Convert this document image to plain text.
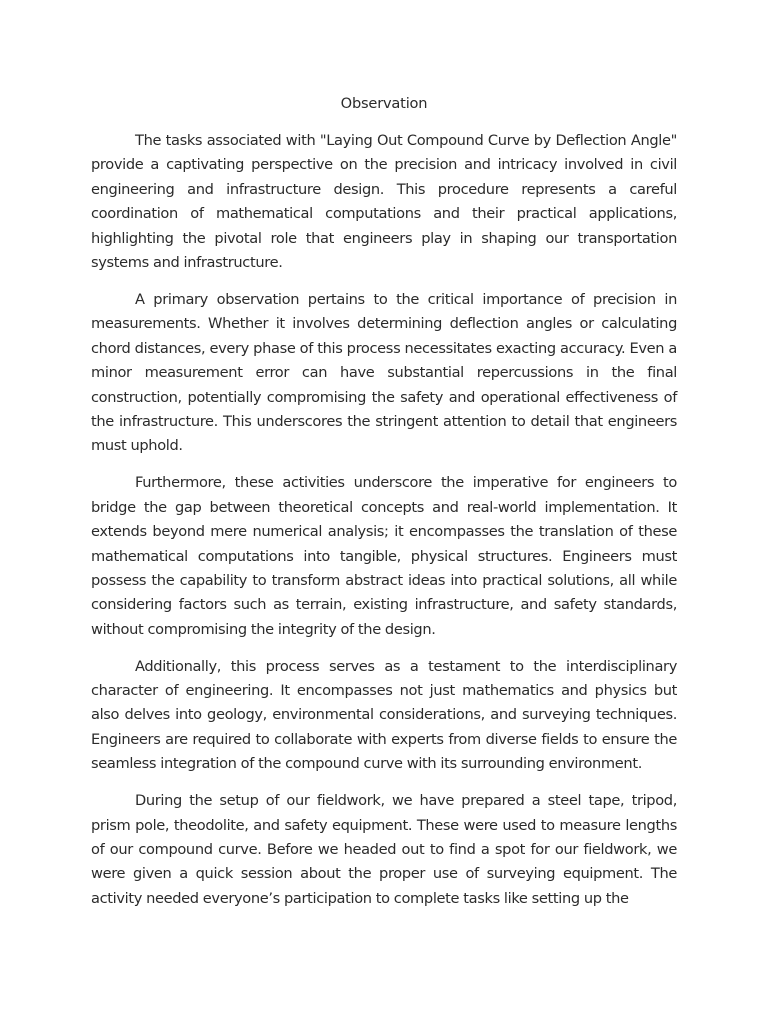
Observation

The tasks associated with "Laying Out Compound Curve by Deflection Angle" provide a captivating perspective on the precision and intricacy involved in civil engineering and infrastructure design. This procedure represents a careful coordination of mathematical computations and their practical applications, highlighting the pivotal role that engineers play in shaping our transportation systems and infrastructure.

A primary observation pertains to the critical importance of precision in measurements. Whether it involves determining deflection angles or calculating chord distances, every phase of this process necessitates exacting accuracy. Even a minor measurement error can have substantial repercussions in the final construction, potentially compromising the safety and operational effectiveness of the infrastructure. This underscores the stringent attention to detail that engineers must uphold.

Furthermore, these activities underscore the imperative for engineers to bridge the gap between theoretical concepts and real-world implementation. It extends beyond mere numerical analysis; it encompasses the translation of these mathematical computations into tangible, physical structures. Engineers must possess the capability to transform abstract ideas into practical solutions, all while considering factors such as terrain, existing infrastructure, and safety standards, without compromising the integrity of the design.

Additionally, this process serves as a testament to the interdisciplinary character of engineering. It encompasses not just mathematics and physics but also delves into geology, environmental considerations, and surveying techniques. Engineers are required to collaborate with experts from diverse fields to ensure the seamless integration of the compound curve with its surrounding environment.

During the setup of our fieldwork, we have prepared a steel tape, tripod, prism pole, theodolite, and safety equipment. These were used to measure lengths of our compound curve. Before we headed out to find a spot for our fieldwork, we were given a quick session about the proper use of surveying equipment. The activity needed everyone’s participation to complete tasks like setting up the
